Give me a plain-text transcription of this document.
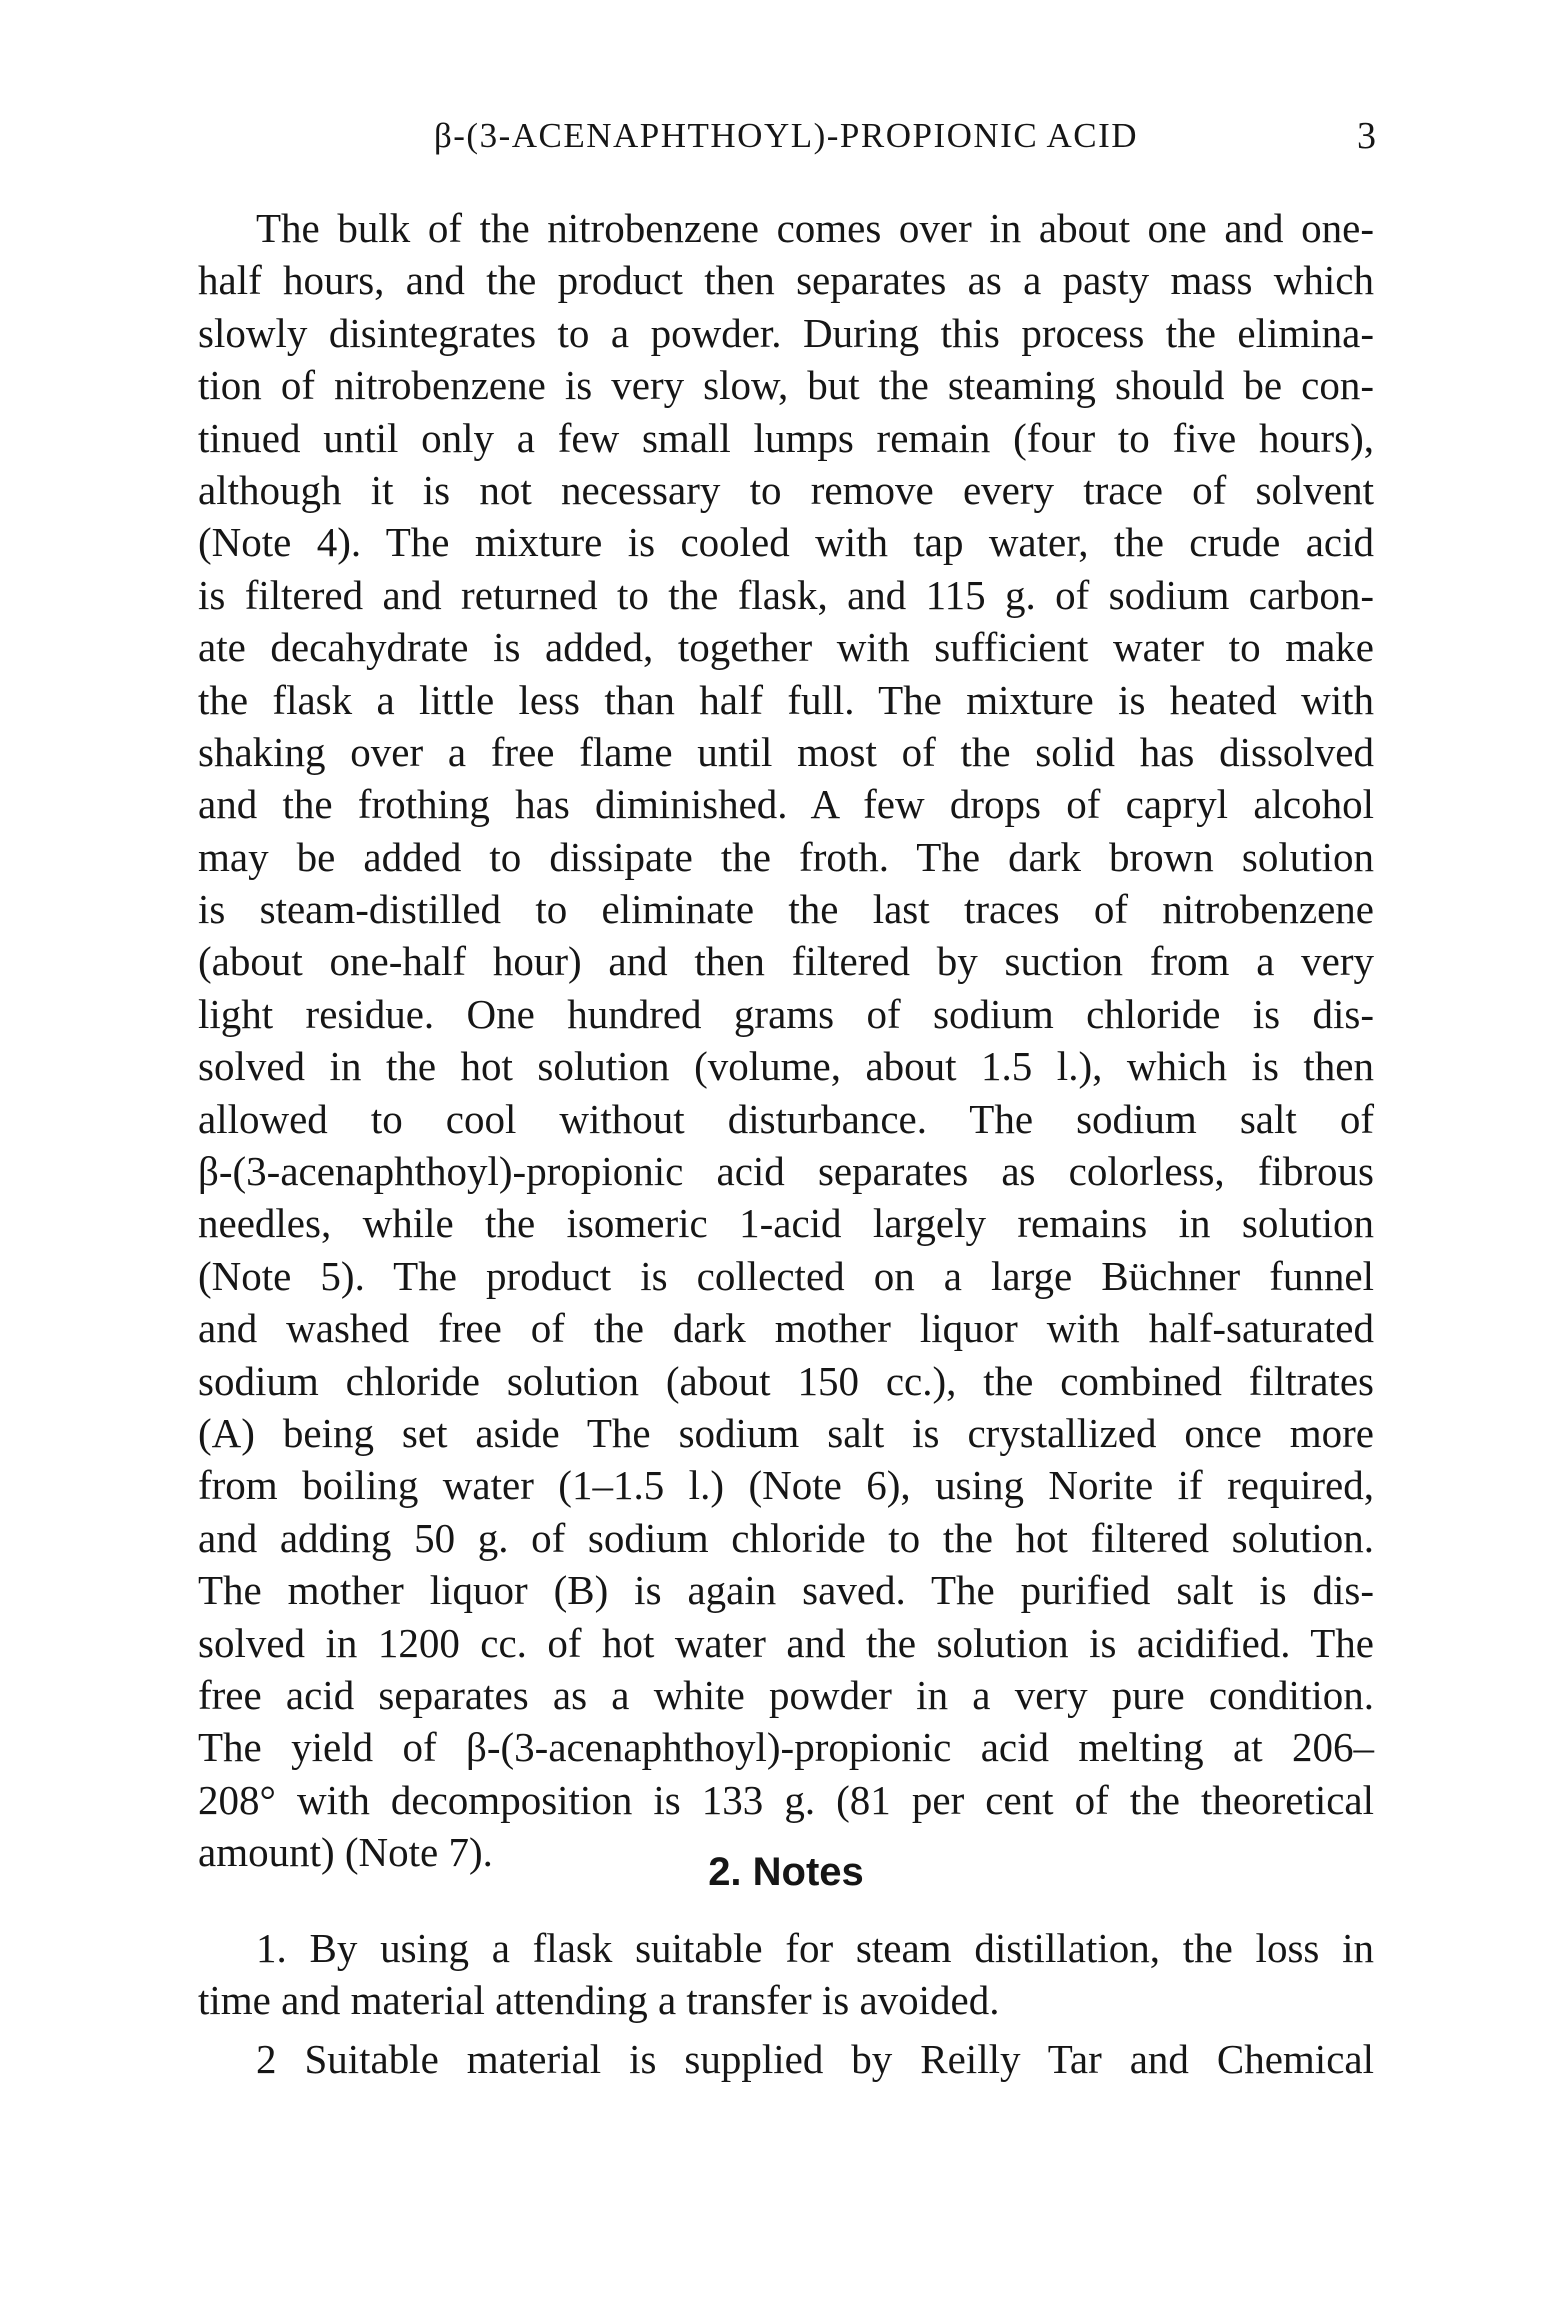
β-(3-ACENAPHTHOYL)-PROPIONIC ACID	3
The bulk of the nitrobenzene comes over in about one and one-
half hours, and the product then separates as a pasty mass which
slowly disintegrates to a powder. During this process the elimina-
tion of nitrobenzene is very slow, but the steaming should be con-
tinued until only a few small lumps remain (four to five hours),
although it is not necessary to remove every trace of solvent
(Note 4). The mixture is cooled with tap water, the crude acid
is filtered and returned to the flask, and 115 g. of sodium carbon-
ate decahydrate is added, together with sufficient water to make
the flask a little less than half full. The mixture is heated with
shaking over a free flame until most of the solid has dissolved
and the frothing has diminished. A few drops of capryl alcohol
may be added to dissipate the froth. The dark brown solution
is steam-distilled to eliminate the last traces of nitrobenzene
(about one-half hour) and then filtered by suction from a very
light residue. One hundred grams of sodium chloride is dis-
solved in the hot solution (volume, about 1.5 l.), which is then
allowed to cool without disturbance. The sodium salt of
β-(3-acenaphthoyl)-propionic acid separates as colorless, fibrous
needles, while the isomeric 1-acid largely remains in solution
(Note 5). The product is collected on a large Büchner funnel
and washed free of the dark mother liquor with half-saturated
sodium chloride solution (about 150 cc.), the combined filtrates
(A) being set aside The sodium salt is crystallized once more
from boiling water (1–1.5 l.) (Note 6), using Norite if required,
and adding 50 g. of sodium chloride to the hot filtered solution.
The mother liquor (B) is again saved. The purified salt is dis-
solved in 1200 cc. of hot water and the solution is acidified. The
free acid separates as a white powder in a very pure condition.
The yield of β-(3-acenaphthoyl)-propionic acid melting at 206–
208° with decomposition is 133 g. (81 per cent of the theoretical
amount) (Note 7).	2. Notes
1. By using a flask suitable for steam distillation, the loss in
time and material attending a transfer is avoided.
2 Suitable material is supplied by Reilly Tar and Chemical
